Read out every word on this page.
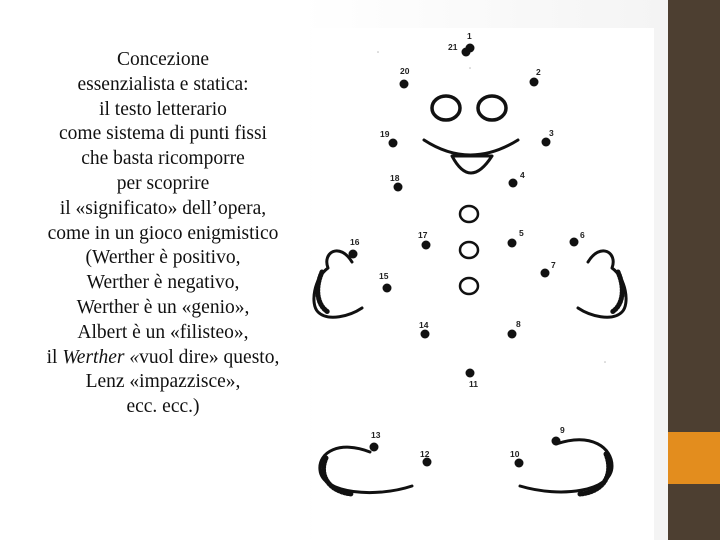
Concezione
essenzialista e statica:
il testo letterario
come sistema di punti fissi
che basta ricomporre
per scoprire
il «significato» dell’opera,
come in un gioco enigmistico
(Werther è positivo,
Werther è negativo,
Werther è un «genio»,
Albert è un «filisteo»,
il Werther «vuol dire» questo,
Lenz «impazzisce»,
ecc. ecc.)
1
2
3
4
5	6
7
8
9
10
11
12
13
14
15
16
17
18
19
20
21
